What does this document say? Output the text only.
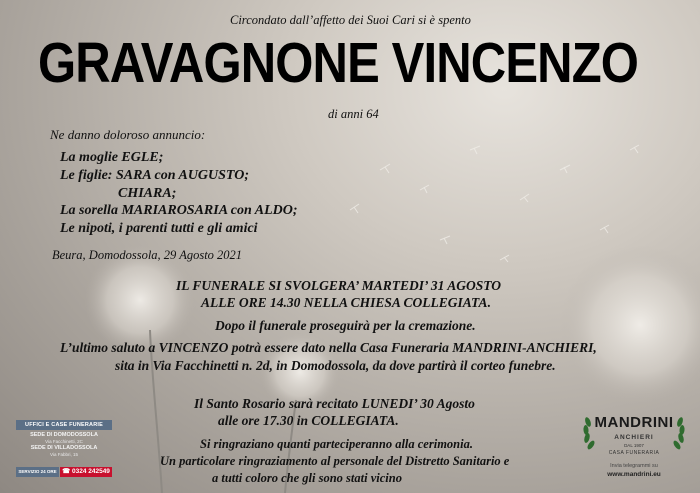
Circondato dall’affetto dei Suoi Cari si è spento
GRAVAGNONE VINCENZO
di anni 64
Ne danno doloroso annuncio:
La moglie EGLE;
Le figlie: SARA con AUGUSTO;
CHIARA;
La sorella MARIAROSARIA con ALDO;
Le nipoti, i parenti tutti e gli amici
Beura, Domodossola, 29 Agosto 2021
IL FUNERALE SI SVOLGERA’ MARTEDI’ 31 AGOSTO
ALLE ORE 14.30 NELLA CHIESA COLLEGIATA.
Dopo il funerale proseguirà per la cremazione.
L’ultimo saluto a VINCENZO potrà essere dato nella Casa Funeraria MANDRINI-ANCHIERI,
sita in Via Facchinetti n. 2d, in Domodossola, da dove partirà il corteo funebre.
Il Santo Rosario sarà recitato LUNEDI’ 30 Agosto
alle ore 17.30 in COLLEGIATA.
Si ringraziano quanti parteciperanno alla cerimonia.
Un particolare ringraziamento al personale del Distretto Sanitario e
a tutti coloro che gli sono stati vicino
UFFICI E CASE FUNERARIE
SEDE DI DOMODOSSOLA
Via Facchinetti, 2C
SEDE DI VILLADOSSOLA
Via Fabbri, 15
SERVIZIO 24 ORE ☎ 0324 242549
MANDRINI
ANCHIERI
DAL 1907
CASA FUNERARIA
Invia telegrammi su
www.mandrini.eu
